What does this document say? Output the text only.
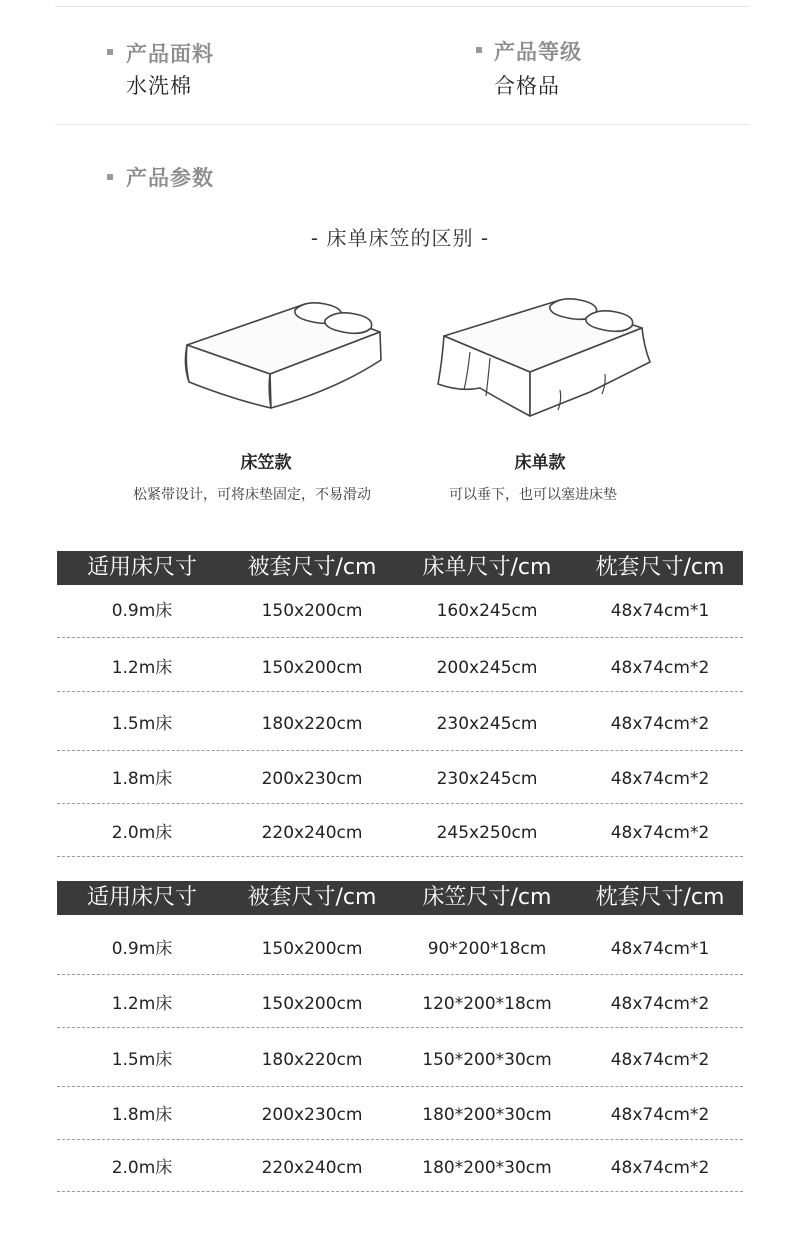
产品面料
水洗棉
产品等级
合格品
产品参数
- 床单床笠的区别 -
床笠款	床单款
松紧带设计，可将床垫固定，不易滑动	可以垂下，也可以塞进床垫
适用床尺寸	被套尺寸/cm	床单尺寸/cm	枕套尺寸/cm
0.9m床	150x200cm	160x245cm	48x74cm*1
1.2m床	150x200cm	200x245cm	48x74cm*2
1.5m床	180x220cm	230x245cm	48x74cm*2
1.8m床	200x230cm	230x245cm	48x74cm*2
2.0m床	220x240cm	245x250cm	48x74cm*2
适用床尺寸	被套尺寸/cm	床笠尺寸/cm	枕套尺寸/cm
0.9m床	150x200cm	90*200*18cm	48x74cm*1
1.2m床	150x200cm	120*200*18cm	48x74cm*2
1.5m床	180x220cm	150*200*30cm	48x74cm*2
1.8m床	200x230cm	180*200*30cm	48x74cm*2
2.0m床	220x240cm	180*200*30cm	48x74cm*2
